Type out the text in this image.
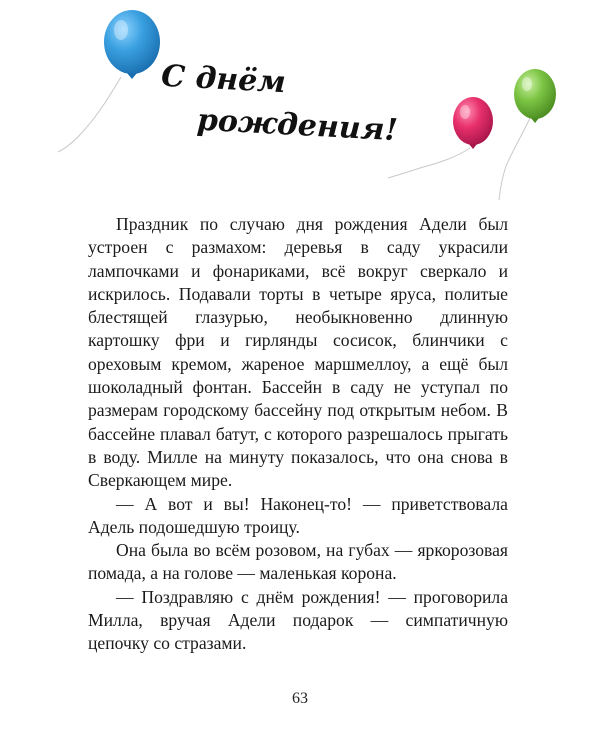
С днём
рождения!

Праздник по случаю дня рождения Адели был устроен с размахом: деревья в саду украсили лампочками и фонариками, всё вокруг сверкало и искрилось. Подавали торты в четыре яруса, политые блестящей глазурью, необыкновенно длинную картошку фри и гирлянды сосисок, блинчики с ореховым кремом, жареное маршмеллоу, а ещё был шоколадный фонтан. Бассейн в саду не уступал по размерам городскому бассейну под открытым небом. В бассейне плавал батут, с которого разрешалось прыгать в воду. Милле на минуту показалось, что она снова в Сверкающем мире.

— А вот и вы! Наконец-то! — приветствовала Адель подошедшую троицу.

Она была во всём розовом, на губах — яркорозовая помада, а на голове — маленькая корона.

— Поздравляю с днём рождения! — проговорила Милла, вручая Адели подарок — симпатичную цепочку со стразами.

63
